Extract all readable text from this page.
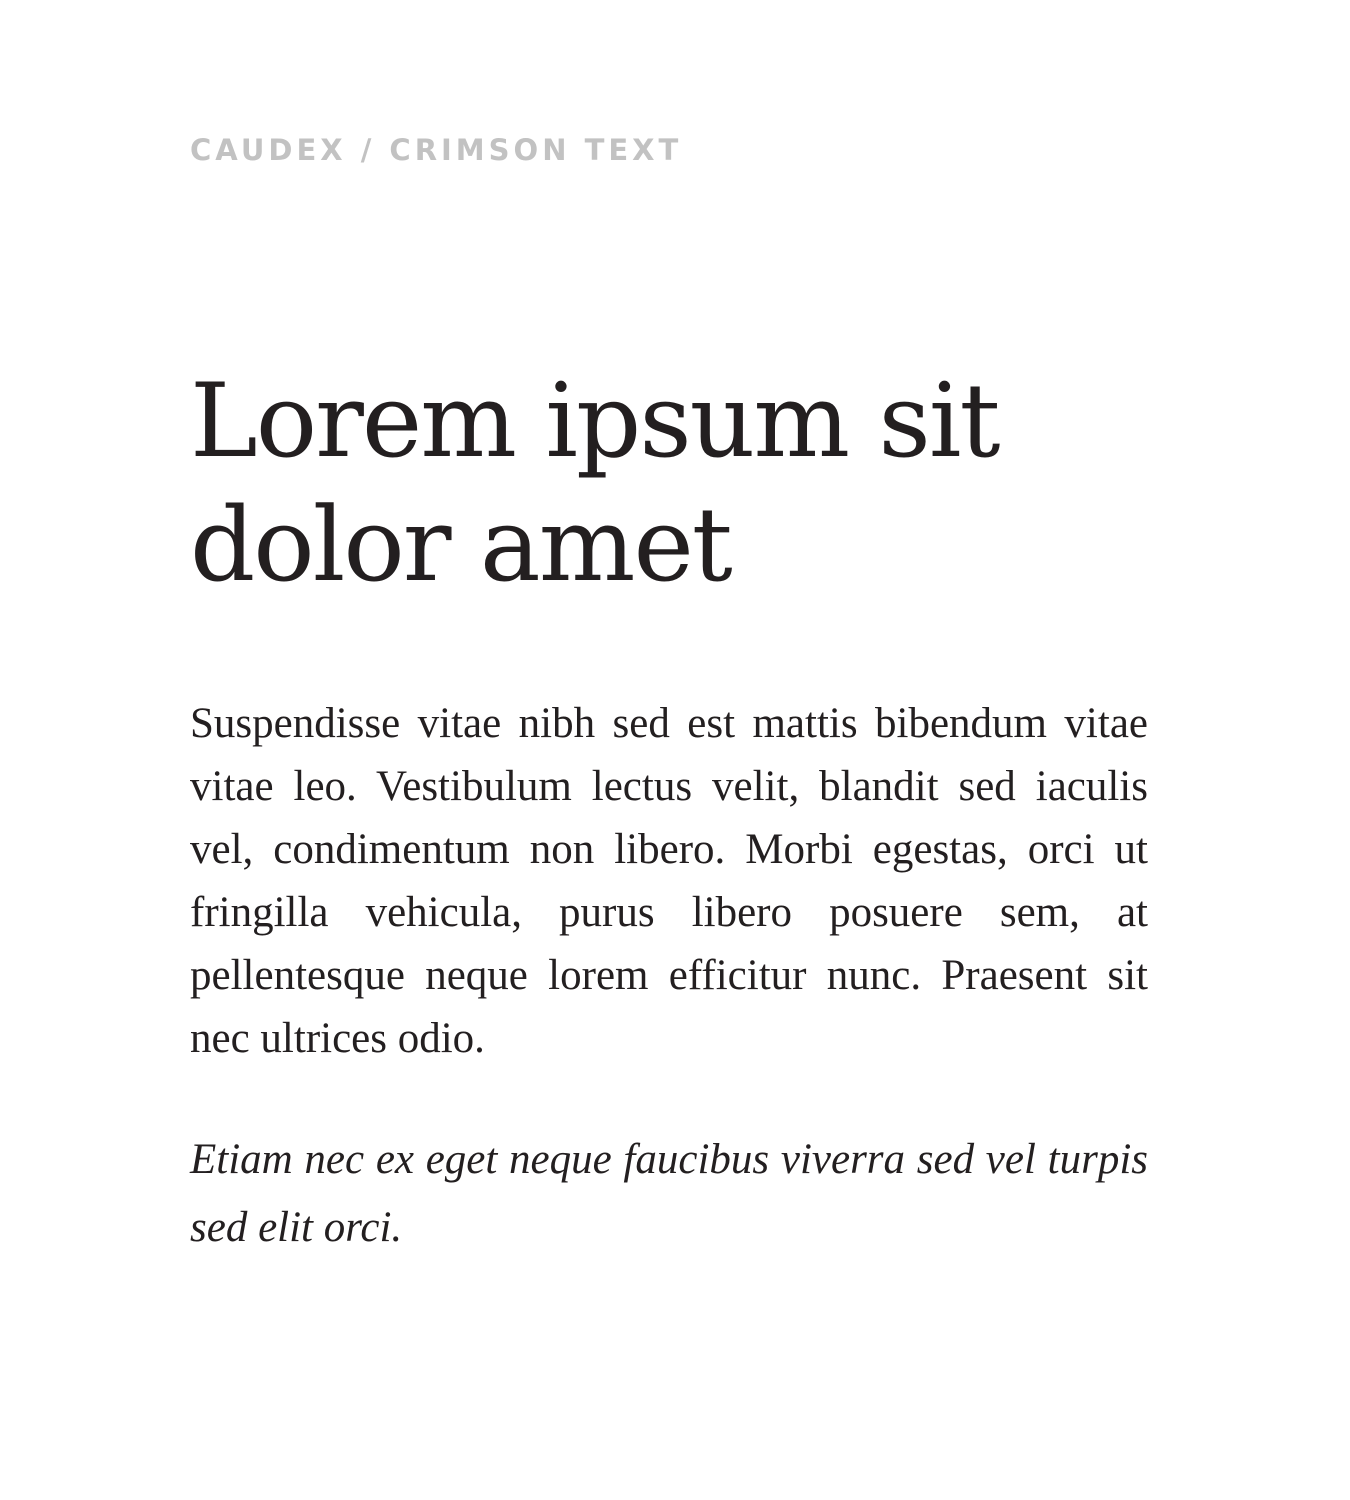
CAUDEX / CRIMSON TEXT

Lorem ipsum sit dolor amet

Suspendisse vitae nibh sed est mattis bibendum vitae vitae leo. Vestibulum lectus velit, blandit sed iaculis vel, condimentum non libero. Morbi egestas, orci ut fringilla vehicula, purus libero posuere sem, at pellentesque neque lorem efficitur nunc. Praesent sit nec ultrices odio.

Etiam nec ex eget neque faucibus viverra sed vel turpis sed elit orci.
